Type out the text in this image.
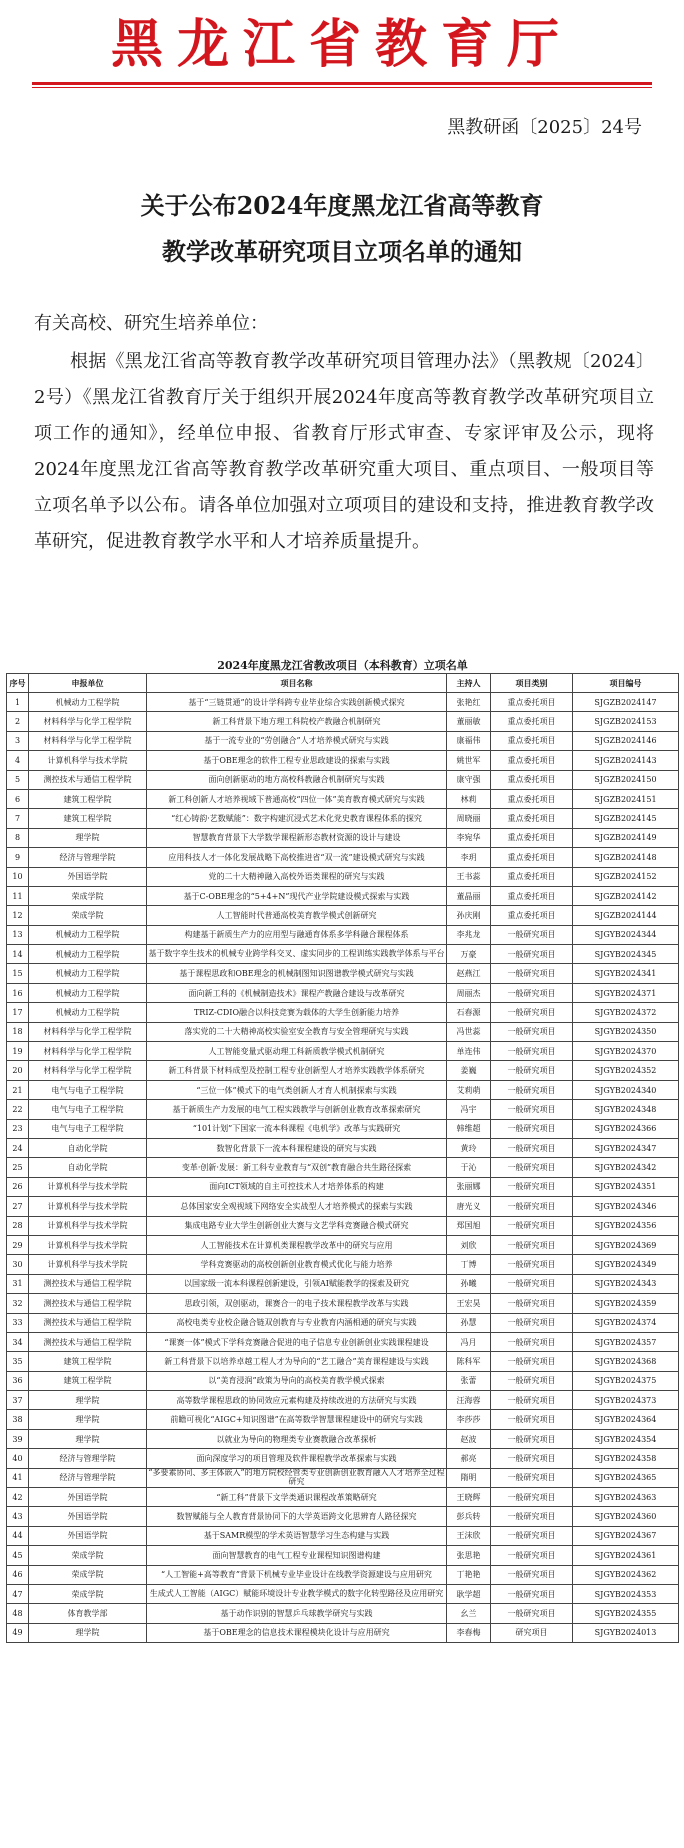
黑龙江省教育厅
黑教研函〔2025〕24号
关于公布2024年度黑龙江省高等教育
教学改革研究项目立项名单的通知
有关高校、研究生培养单位：
根据《黑龙江省高等教育教学改革研究项目管理办法》（黑教规〔2024〕2号）《黑龙江省教育厅关于组织开展2024年度高等教育教学改革研究项目立项工作的通知》，经单位申报、省教育厅形式审查、专家评审及公示，现将2024年度黑龙江省高等教育教学改革研究重大项目、重点项目、一般项目等立项名单予以公布。请各单位加强对立项项目的建设和支持，推进教育教学改革研究，促进教育教学水平和人才培养质量提升。
2024年度黑龙江省教改项目（本科教育）立项名单
序号	申报单位	项目名称	主持人	项目类别	项目编号
1	机械动力工程学院	基于“三链贯通”的设计学科跨专业毕业综合实践创新模式探究	张艳红	重点委托项目	SJGZB2024147
2	材料科学与化学工程学院	新工科背景下地方理工科院校产教融合机制研究	董丽敏	重点委托项目	SJGZB2024153
3	材料科学与化学工程学院	基于一流专业的“劳创融合”人才培养模式研究与实践	康福伟	重点委托项目	SJGZB2024146
4	计算机科学与技术学院	基于OBE理念的软件工程专业思政建设的探索与实践	姚世军	重点委托项目	SJGZB2024143
5	测控技术与通信工程学院	面向创新驱动的地方高校科教融合机制研究与实践	康守强	重点委托项目	SJGZB2024150
6	建筑工程学院	新工科创新人才培养视域下普通高校“四位一体”美育教育模式研究与实践	林莉	重点委托项目	SJGZB2024151
7	建筑工程学院	“红心铸韵·艺数赋能”：数字构建沉浸式艺术化党史教育课程体系的探究	周晓丽	重点委托项目	SJGZB2024145
8	理学院	智慧教育背景下大学数学课程新形态教材资源的设计与建设	李宛华	重点委托项目	SJGZB2024149
9	经济与管理学院	应用科技人才一体化发展战略下高校推进省“双一流”建设模式研究与实践	李玥	重点委托项目	SJGZB2024148
10	外国语学院	党的二十大精神融入高校外语类课程的研究与实践	王书蕊	重点委托项目	SJGZB2024152
11	荣成学院	基于C-OBE理念的“5+4+N”现代产业学院建设模式探索与实践	董晶丽	重点委托项目	SJGZB2024142
12	荣成学院	人工智能时代普通高校美育教学模式创新研究	孙庆刚	重点委托项目	SJGZB2024144
13	机械动力工程学院	构建基于新质生产力的应用型与融通育体系多学科融合课程体系	李兆龙	一般研究项目	SJGYB2024344
14	机械动力工程学院	基于数字孪生技术的机械专业跨学科交叉、虚实同步的工程训练实践教学体系与平台	万豪	一般研究项目	SJGYB2024345
15	机械动力工程学院	基于课程思政和OBE理念的机械制图知识图谱教学模式研究与实践	赵燕江	一般研究项目	SJGYB2024341
16	机械动力工程学院	面向新工科的《机械制造技术》课程产教融合建设与改革研究	周丽杰	一般研究项目	SJGYB2024371
17	机械动力工程学院	TRIZ-CDIO融合以科技竞赛为载体的大学生创新能力培养	石春源	一般研究项目	SJGYB2024372
18	材料科学与化学工程学院	落实党的二十大精神高校实验室安全教育与安全管理研究与实践	冯世蕊	一般研究项目	SJGYB2024350
19	材料科学与化学工程学院	人工智能变量式驱动理工科新质教学模式机制研究	单连伟	一般研究项目	SJGYB2024370
20	材料科学与化学工程学院	新工科背景下材料成型及控制工程专业创新型人才培养实践教学体系研究	姜巍	一般研究项目	SJGYB2024352
21	电气与电子工程学院	“三位一体”模式下的电气类创新人才育人机制探索与实践	艾莉萌	一般研究项目	SJGYB2024340
22	电气与电子工程学院	基于新质生产力发展的电气工程实践教学与创新创业教育改革探索研究	冯宇	一般研究项目	SJGYB2024348
23	电气与电子工程学院	“101计划”下国家一流本科课程《电机学》改革与实践研究	韩维超	一般研究项目	SJGYB2024366
24	自动化学院	数智化背景下一流本科课程建设的研究与实践	黄玲	一般研究项目	SJGYB2024347
25	自动化学院	变革·创新·发展：新工科专业教育与“双创”教育融合共生路径探索	于沁	一般研究项目	SJGYB2024342
26	计算机科学与技术学院	面向ICT领域的自主可控技术人才培养体系的构建	张丽娜	一般研究项目	SJGYB2024351
27	计算机科学与技术学院	总体国家安全观视域下网络安全实战型人才培养模式的探索与实践	唐光义	一般研究项目	SJGYB2024346
28	计算机科学与技术学院	集成电路专业大学生创新创业大赛与文艺学科竞赛融合模式研究	郑国旭	一般研究项目	SJGYB2024356
29	计算机科学与技术学院	人工智能技术在计算机类课程教学改革中的研究与应用	刘欣	一般研究项目	SJGYB2024369
30	计算机科学与技术学院	学科竞赛驱动的高校创新创业教育模式优化与能力培养	丁博	一般研究项目	SJGYB2024349
31	测控技术与通信工程学院	以国家级一流本科课程创新建设，引领AI赋能教学的探索及研究	孙曦	一般研究项目	SJGYB2024343
32	测控技术与通信工程学院	思政引领，双创驱动，课赛合一的电子技术课程教学改革与实践	王宏昊	一般研究项目	SJGYB2024359
33	测控技术与通信工程学院	高校电类专业校企融合链双创教育与专业教育内涵相通的研究与实践	孙慧	一般研究项目	SJGYB2024374
34	测控技术与通信工程学院	“课赛一体”模式下学科竞赛融合促进的电子信息专业创新创业实践课程建设	冯月	一般研究项目	SJGYB2024357
35	建筑工程学院	新工科背景下以培养卓越工程人才为导向的“艺工融合”美育课程建设与实践	陈科军	一般研究项目	SJGYB2024368
36	建筑工程学院	以“美育浸润”政策为导向的高校美育教学模式探索	张蕾	一般研究项目	SJGYB2024375
37	理学院	高等数学课程思政的协同效应元素构建及持续改进的方法研究与实践	汪海蓉	一般研究项目	SJGYB2024373
38	理学院	前瞻可视化“AIGC+知识图谱”在高等数学智慧课程建设中的研究与实践	李莎莎	一般研究项目	SJGYB2024364
39	理学院	以就业为导向的物理类专业赛教融合改革探析	赵波	一般研究项目	SJGYB2024354
40	经济与管理学院	面向深度学习的项目管理及软件课程教学改革探索与实践	郝亮	一般研究项目	SJGYB2024358
41	经济与管理学院	“多要素协同、多主体嵌入”的地方院校经管类专业创新创业教育融入人才培养全过程研究	隋明	一般研究项目	SJGYB2024365
42	外国语学院	“新工科”背景下文学类通识课程改革策略研究	王晓辉	一般研究项目	SJGYB2024363
43	外国语学院	数智赋能与全人教育背景协同下的大学英语跨文化思辨育人路径探究	彭兵转	一般研究项目	SJGYB2024360
44	外国语学院	基于SAMR模型的学术英语智慧学习生态构建与实践	王沫欣	一般研究项目	SJGYB2024367
45	荣成学院	面向智慧教育的电气工程专业课程知识图谱构建	张思艳	一般研究项目	SJGYB2024361
46	荣成学院	“人工智能+高等教育”背景下机械专业毕业设计在线教学资源建设与应用研究	丁艳艳	一般研究项目	SJGYB2024362
47	荣成学院	生成式人工智能（AIGC）赋能环境设计专业教学模式的数字化转型路径及应用研究	耿学超	一般研究项目	SJGYB2024353
48	体育教学部	基于动作识别的智慧乒乓球教学研究与实践	幺兰	一般研究项目	SJGYB2024355
49	理学院	基于OBE理念的信息技术课程模块化设计与应用研究	李春梅	研究项目	SJGYB2024013
